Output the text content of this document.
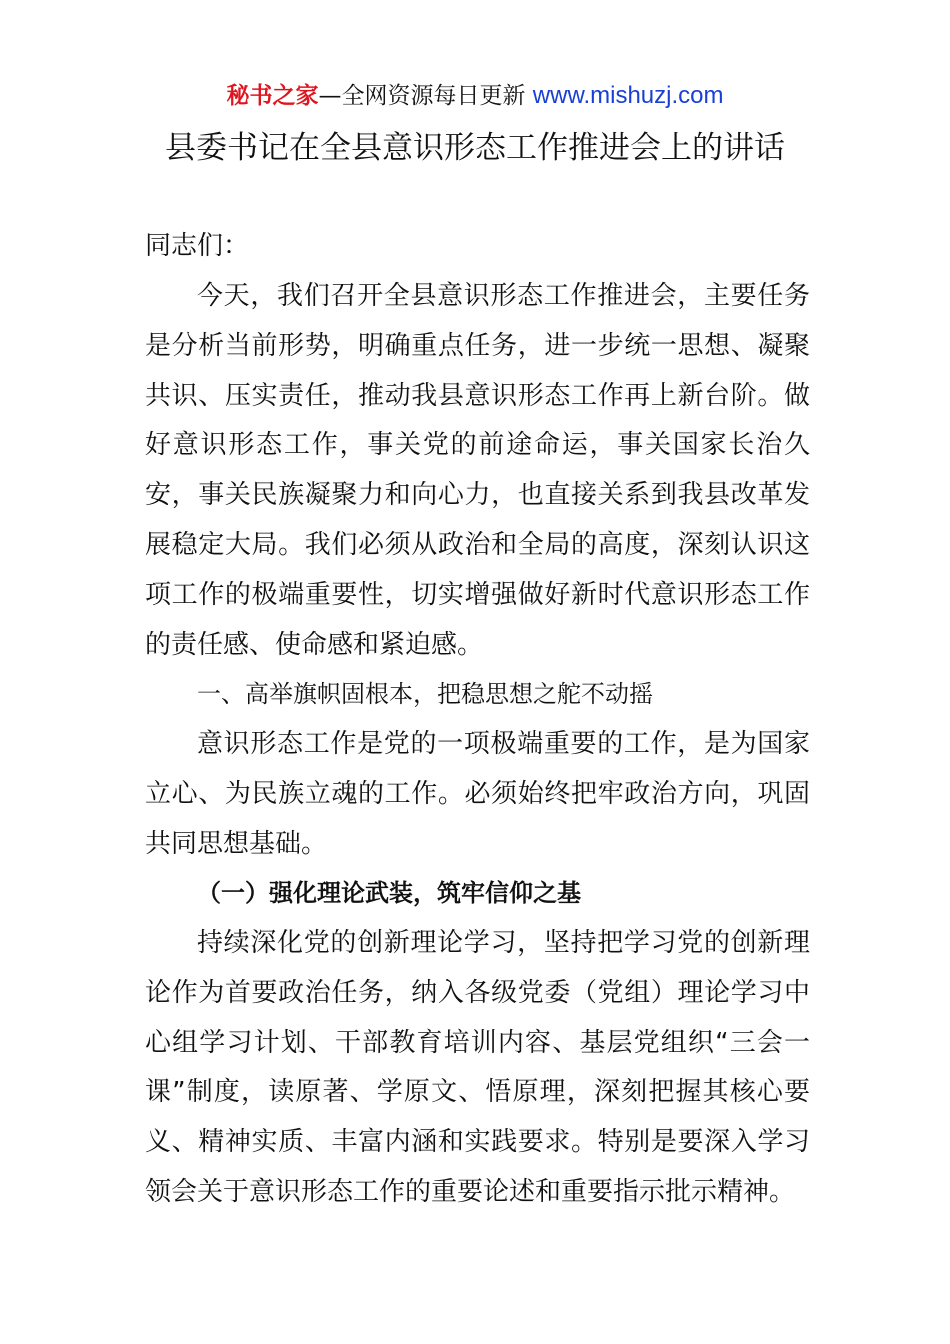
秘书之家—全网资源每日更新 www.mishuzj.com
县委书记在全县意识形态工作推进会上的讲话

同志们：

今天，我们召开全县意识形态工作推进会，主要任务是分析当前形势，明确重点任务，进一步统一思想、凝聚共识、压实责任，推动我县意识形态工作再上新台阶。做好意识形态工作，事关党的前途命运，事关国家长治久安，事关民族凝聚力和向心力，也直接关系到我县改革发展稳定大局。我们必须从政治和全局的高度，深刻认识这项工作的极端重要性，切实增强做好新时代意识形态工作的责任感、使命感和紧迫感。

一、高举旗帜固根本，把稳思想之舵不动摇

意识形态工作是党的一项极端重要的工作，是为国家立心、为民族立魂的工作。必须始终把牢政治方向，巩固共同思想基础。

（一）强化理论武装，筑牢信仰之基

持续深化党的创新理论学习，坚持把学习党的创新理论作为首要政治任务，纳入各级党委（党组）理论学习中心组学习计划、干部教育培训内容、基层党组织“三会一课”制度，读原著、学原文、悟原理，深刻把握其核心要义、精神实质、丰富内涵和实践要求。特别是要深入学习领会关于意识形态工作的重要论述和重要指示批示精神。
